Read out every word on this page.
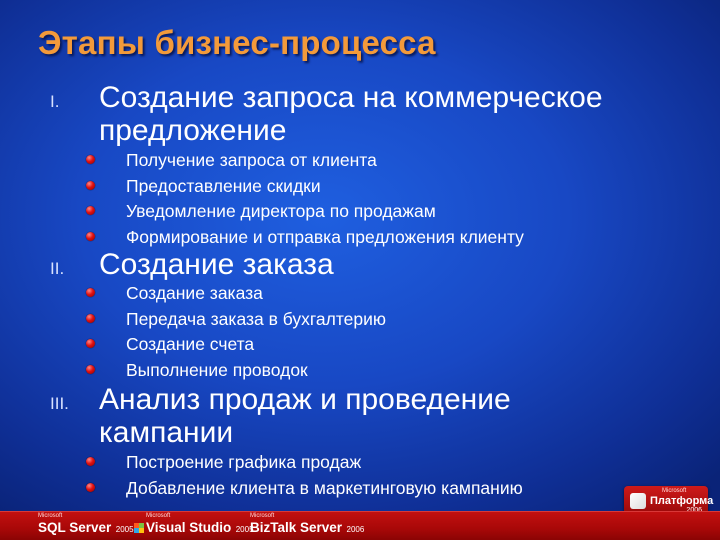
Этапы бизнес-процесса
I. Создание запроса на коммерческое
предложение
Получение запроса от клиента
Предоставление скидки
Уведомление директора по продажам
Формирование и отправка предложения клиенту
II. Создание заказа
Создание заказа
Передача заказа в бухгалтерию
Создание счета
Выполнение проводок
III. Анализ продаж и проведение
кампании
Построение графика продаж
Добавление клиента в маркетинговую кампанию	Microsoft
Платформа
Microsoft
SQL Server 2005
Microsoft
Visual Studio 2005
Microsoft
BizTalk Server 2006
